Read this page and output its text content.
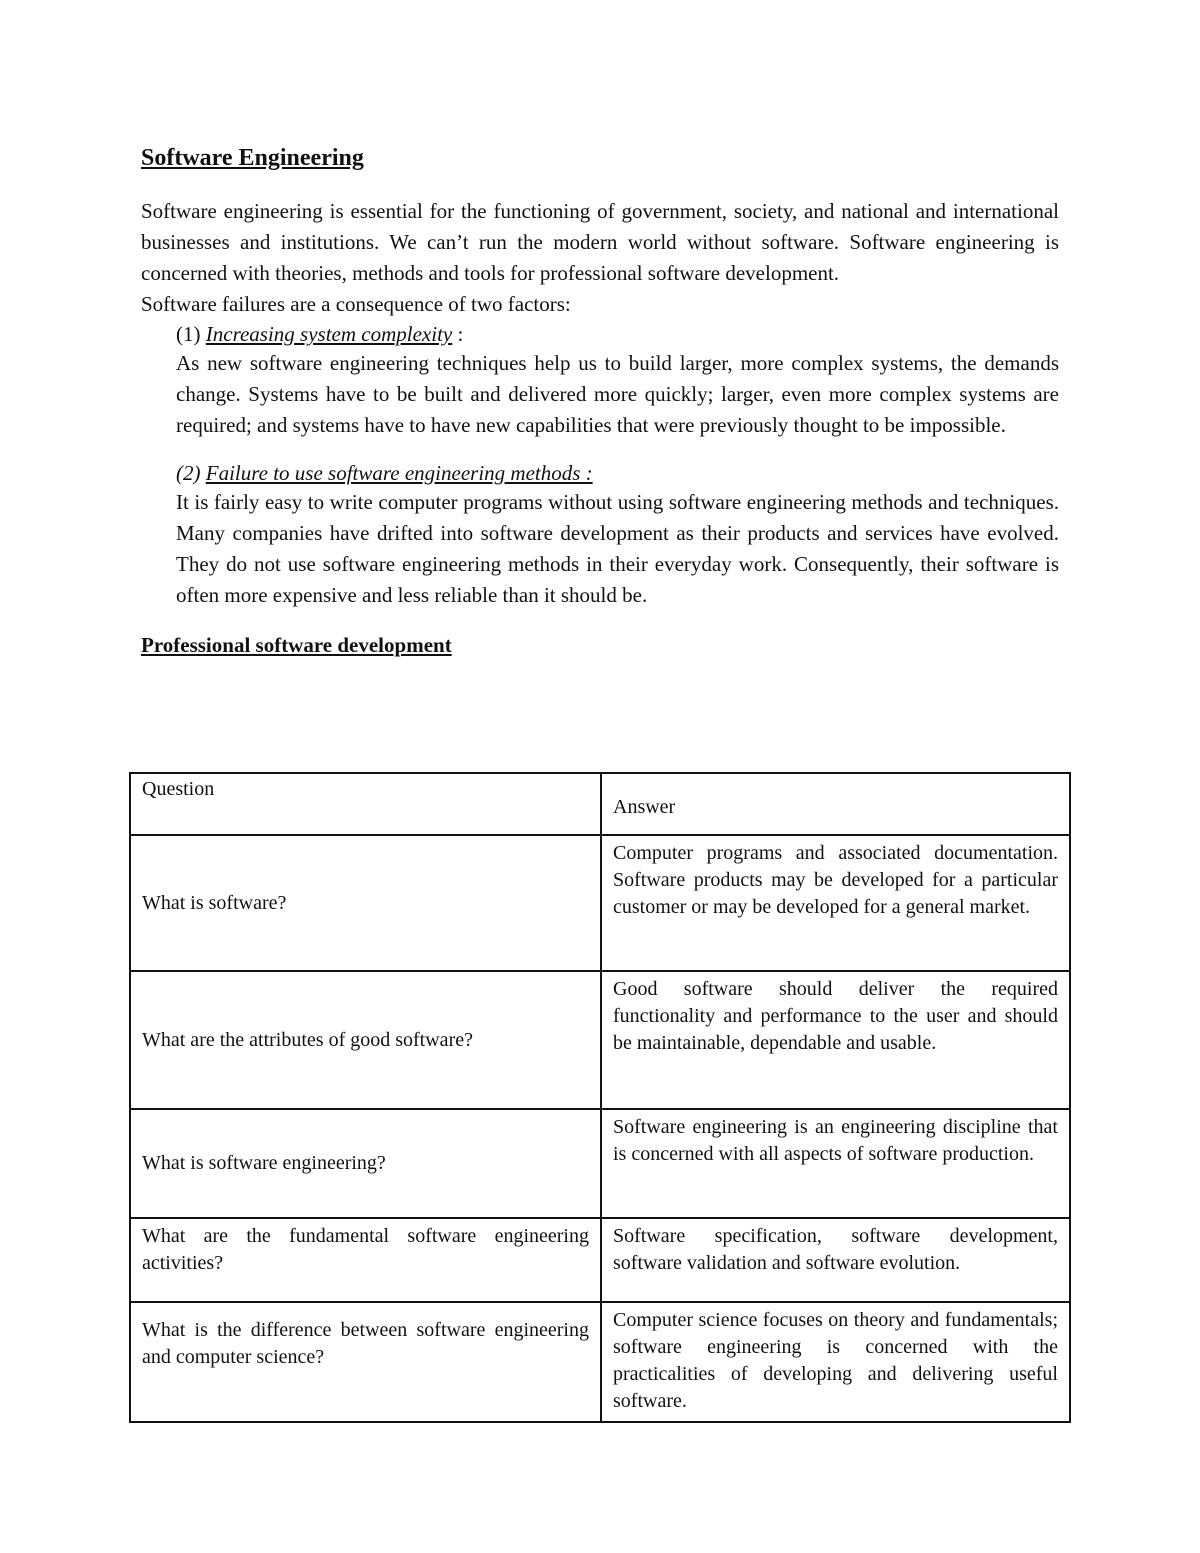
Software Engineering

Software engineering is essential for the functioning of government, society, and national and international businesses and institutions. We can’t run the modern world without software. Software engineering is concerned with theories, methods and tools for professional software development.

Software failures are a consequence of two factors:

(1) Increasing system complexity :

As new software engineering techniques help us to build larger, more complex systems, the demands change. Systems have to be built and delivered more quickly; larger, even more complex systems are required; and systems have to have new capabilities that were previously thought to be impossible.

(2) Failure to use software engineering methods :

It is fairly easy to write computer programs without using software engineering methods and techniques. Many companies have drifted into software development as their products and services have evolved. They do not use software engineering methods in their everyday work. Consequently, their software is often more expensive and less reliable than it should be.

Professional software development
Question	Answer
What is software?	Computer programs and associated documentation. Software products may be developed for a particular customer or may be developed for a general market.
What are the attributes of good software?	Good software should deliver the required functionality and performance to the user and should be maintainable, dependable and usable.
What is software engineering?	Software engineering is an engineering discipline that is concerned with all aspects of software production.
What are the fundamental software engineering activities?	Software specification, software development, software validation and software evolution.
What is the difference between software engineering and computer science?	Computer science focuses on theory and fundamentals; software engineering is concerned with the practicalities of developing and delivering useful software.
